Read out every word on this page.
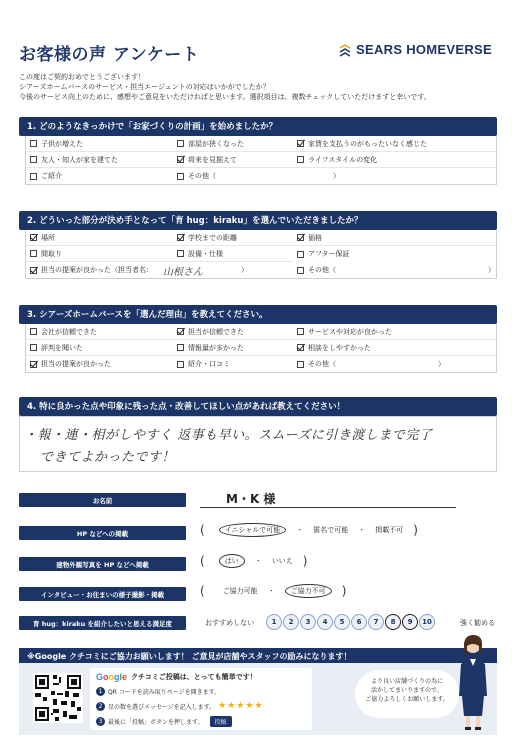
お客様の声 アンケート	SEARS HOMEVERSE
この度はご契約おめでとうございます！
シアーズホームバースのサービス・担当エージェントの対応はいかがでしたか？
今後のサービス向上のために、感想やご意見をいただければと思います。選択項目は、複数チェックしていただけますと幸いです。
1. どのようなきっかけで「お家づくりの計画」を始めましたか？
子供が増えた	部屋が狭くなった	家賃を支払うのがもったいなく感じた
友人・知人が家を建てた	将来を見据えて	ライフスタイルの変化
ご紹介	その他（	）
2. どういった部分が決め手となって「育 hug：kiraku」を選んでいただきましたか？
場所	学校までの距離	価格
間取り	設備・仕様	アフター保証
担当の提案が良かった（担当者名： 山根さん	）	その他（	）
3. シアーズホームバースを「選んだ理由」を教えてください。
会社が信頼できた	担当が信頼できた	サービスや対応が良かった
評判を聞いた	情報量が多かった	相談をしやすかった
担当の提案が良かった	紹介・口コミ	その他（	）
4. 特に良かった点や印象に残った点・改善してほしい点があれば教えてください！
・報・連・相がしやすく 返事も早い。スムーズに引き渡しまで完了
できてよかったです！
お名前	M・K 様
HP などへの掲載	(	イニシャルで可能	・ 匿名で可能 ・ 掲載不可 )
建物外観写真を HP などへ掲載	(	はい	・ いいえ )
インタビュー・お住まいの様子撮影・掲載	(	ご協力可能 ・	ご協力不可	)
育 hug：kiraku を紹介したいと思える満足度	おすすめしない	1	2	3	4	5	6	7	8	9	10	強く勧める
※Google クチコミにご協力お願いします！ ご意見が店舗やスタッフの励みになります！
Google クチコミご投稿は、とっても簡単です！
1 QR コードを読み取りページを開きます。
2 星の数を選びメッセージを記入します。 ★★★★★
3 最後に「投稿」ボタンを押します。	投稿
より良い店舗づくりの為に
活かしてまいりますので、
ご協力よろしくお願いします。
